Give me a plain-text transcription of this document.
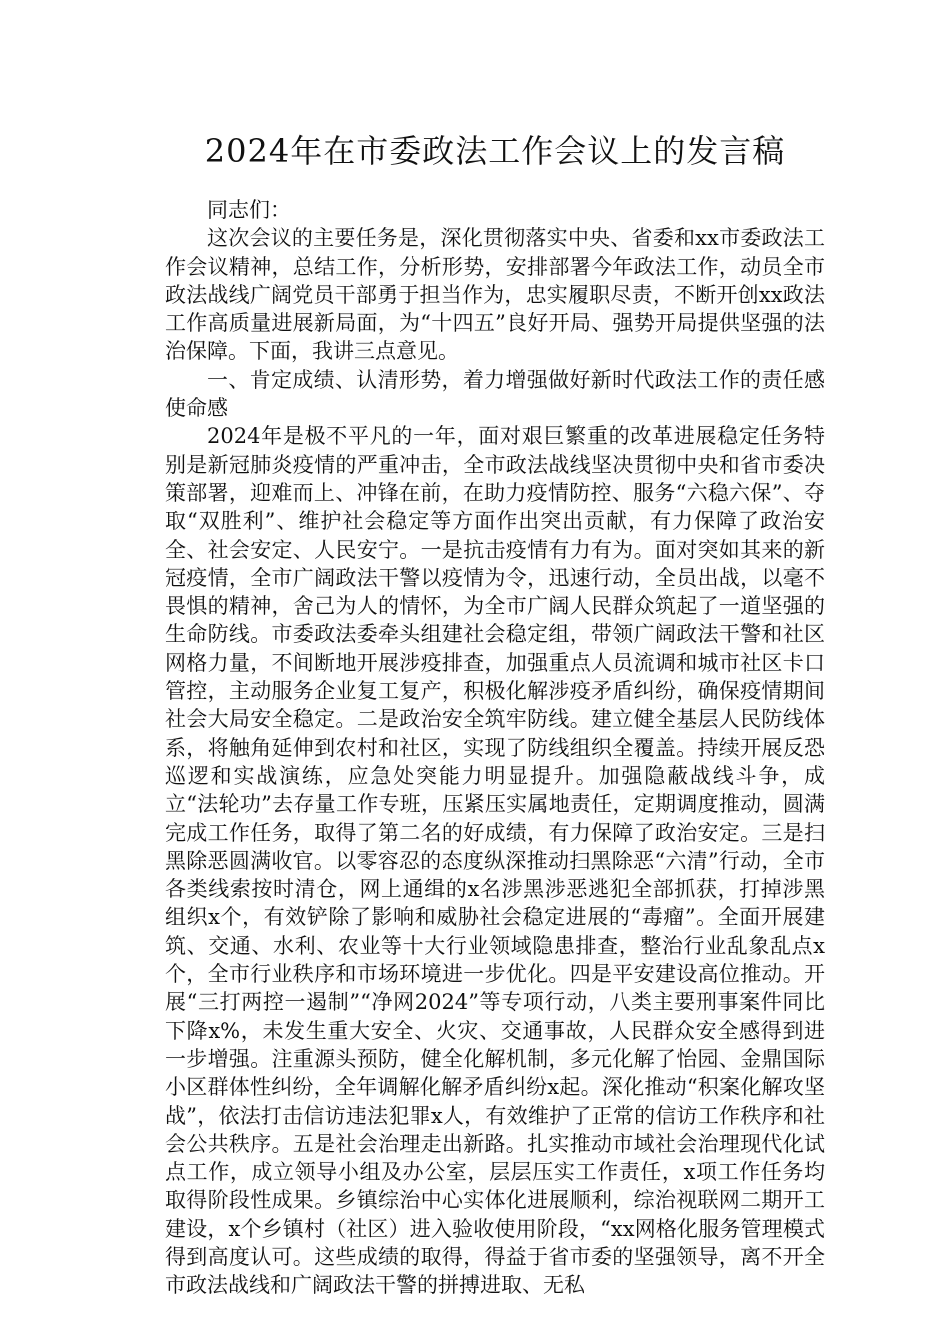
2024年在市委政法工作会议上的发言稿

同志们：

这次会议的主要任务是，深化贯彻落实中央、省委和xx市委政法工作会议精神，总结工作，分析形势，安排部署今年政法工作，动员全市政法战线广阔党员干部勇于担当作为，忠实履职尽责，不断开创xx政法工作高质量进展新局面，为“十四五”良好开局、强势开局提供坚强的法治保障。下面，我讲三点意见。

一、肯定成绩、认清形势，着力增强做好新时代政法工作的责任感使命感

2024年是极不平凡的一年，面对艰巨繁重的改革进展稳定任务特别是新冠肺炎疫情的严重冲击，全市政法战线坚决贯彻中央和省市委决策部署，迎难而上、冲锋在前，在助力疫情防控、服务“六稳六保”、夺取“双胜利”、维护社会稳定等方面作出突出贡献，有力保障了政治安全、社会安定、人民安宁。一是抗击疫情有力有为。面对突如其来的新冠疫情，全市广阔政法干警以疫情为令，迅速行动，全员出战，以毫不畏惧的精神，舍己为人的情怀，为全市广阔人民群众筑起了一道坚强的生命防线。市委政法委牵头组建社会稳定组，带领广阔政法干警和社区网格力量，不间断地开展涉疫排查，加强重点人员流调和城市社区卡口管控，主动服务企业复工复产，积极化解涉疫矛盾纠纷，确保疫情期间社会大局安全稳定。二是政治安全筑牢防线。建立健全基层人民防线体系，将触角延伸到农村和社区，实现了防线组织全覆盖。持续开展反恐巡逻和实战演练，应急处突能力明显提升。加强隐蔽战线斗争，成立“法轮功”去存量工作专班，压紧压实属地责任，定期调度推动，圆满完成工作任务，取得了第二名的好成绩，有力保障了政治安定。三是扫黑除恶圆满收官。以零容忍的态度纵深推动扫黑除恶“六清”行动，全市各类线索按时清仓，网上通缉的x名涉黑涉恶逃犯全部抓获，打掉涉黑组织x个，有效铲除了影响和威胁社会稳定进展的“毒瘤”。全面开展建筑、交通、水利、农业等十大行业领域隐患排查，整治行业乱象乱点x个，全市行业秩序和市场环境进一步优化。四是平安建设高位推动。开展“三打两控一遏制”“净网2024”等专项行动，八类主要刑事案件同比下降x%，未发生重大安全、火灾、交通事故，人民群众安全感得到进一步增强。注重源头预防，健全化解机制，多元化解了怡园、金鼎国际小区群体性纠纷，全年调解化解矛盾纠纷x起。深化推动“积案化解攻坚战”，依法打击信访违法犯罪x人，有效维护了正常的信访工作秩序和社会公共秩序。五是社会治理走出新路。扎实推动市域社会治理现代化试点工作，成立领导小组及办公室，层层压实工作责任，x项工作任务均取得阶段性成果。乡镇综治中心实体化进展顺利，综治视联网二期开工建设，x个乡镇村（社区）进入验收使用阶段，“xx网格化服务管理模式得到高度认可。这些成绩的取得，得益于省市委的坚强领导，离不开全市政法战线和广阔政法干警的拼搏进取、无私
